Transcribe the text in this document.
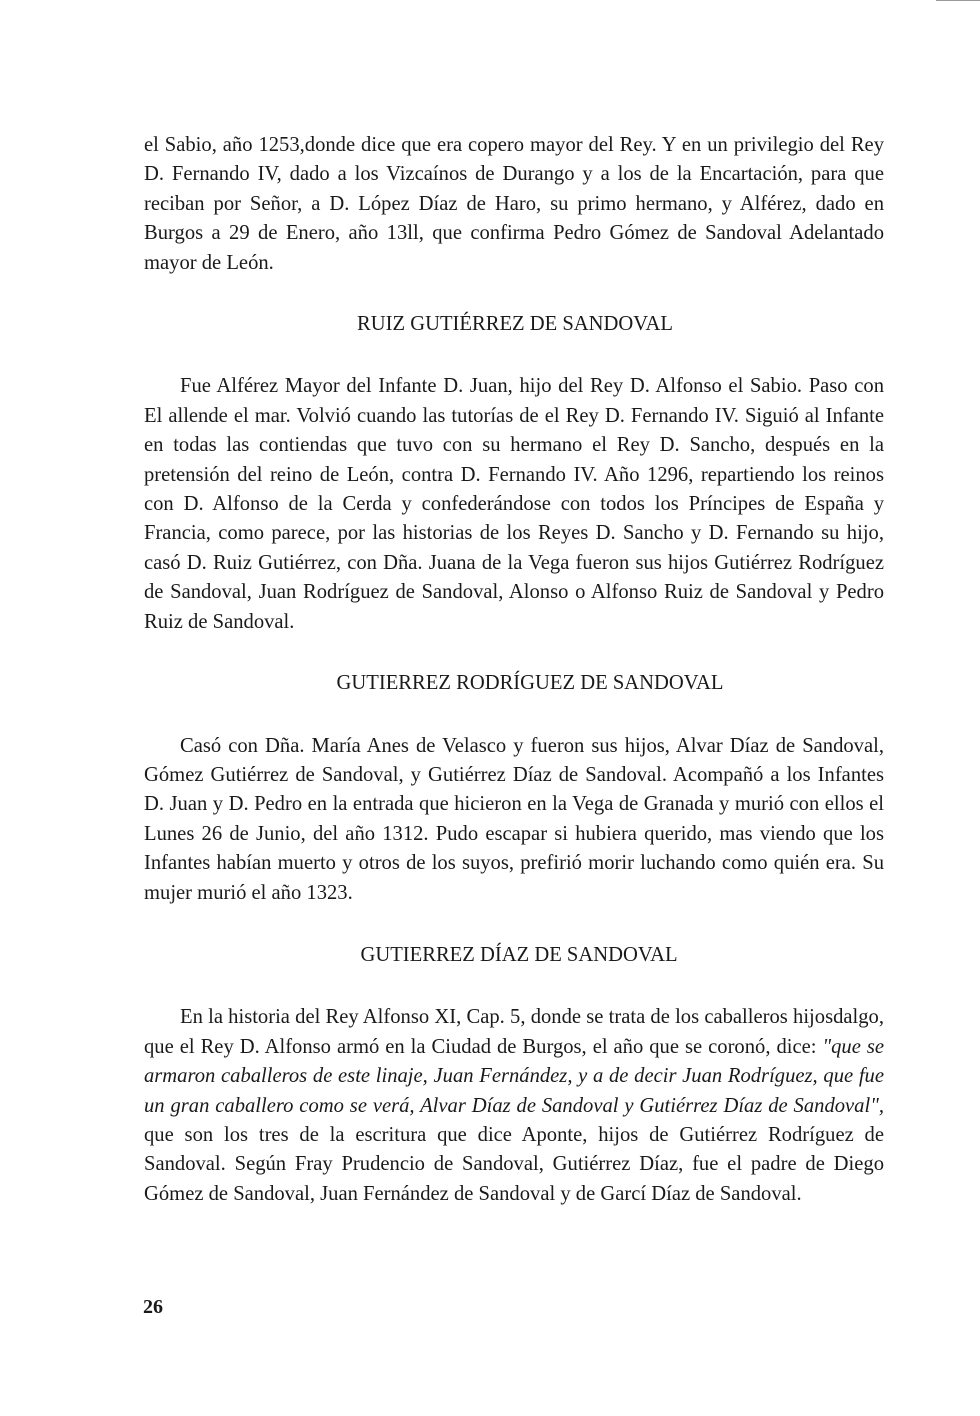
el Sabio, año 1253,donde dice que era copero mayor del Rey. Y en un privilegio del Rey D. Fernando IV, dado a los Vizcaínos de Durango y a los de la Encartación, para que reciban por Señor, a D. López Díaz de Haro, su primo hermano, y Alférez, dado en Burgos a 29 de Enero, año 13ll, que confirma Pedro Gómez de Sandoval Adelantado mayor de León.

RUIZ GUTIÉRREZ DE SANDOVAL

Fue Alférez Mayor del Infante D. Juan, hijo del Rey D. Alfonso el Sabio. Paso con El allende el mar. Volvió cuando las tutorías de el Rey D. Fernando IV. Siguió al Infante en todas las contiendas que tuvo con su hermano el Rey D. Sancho, después en la pretensión del reino de León, contra D. Fernando IV. Año 1296, repartiendo los reinos con D. Alfonso de la Cerda y confederándose con todos los Príncipes de España y Francia, como parece, por las historias de los Reyes D. Sancho y D. Fernando su hijo, casó D. Ruiz Gutiérrez, con Dña. Juana de la Vega fueron sus hijos Gutiérrez Rodríguez de Sandoval, Juan Rodríguez de Sandoval, Alonso o Alfonso Ruiz de Sandoval y Pedro Ruiz de Sandoval.

GUTIERREZ RODRÍGUEZ DE SANDOVAL

Casó con Dña. María Anes de Velasco y fueron sus hijos, Alvar Díaz de Sandoval, Gómez Gutiérrez de Sandoval, y Gutiérrez Díaz de Sandoval. Acompañó a los Infantes D. Juan y D. Pedro en la entrada que hicieron en la Vega de Granada y murió con ellos el Lunes 26 de Junio, del año 1312. Pudo escapar si hubiera querido, mas viendo que los Infantes habían muerto y otros de los suyos, prefirió morir luchando como quién era. Su mujer murió el año 1323.

GUTIERREZ DÍAZ DE SANDOVAL

En la historia del Rey Alfonso XI, Cap. 5, donde se trata de los caballeros hijosdalgo, que el Rey D. Alfonso armó en la Ciudad de Burgos, el año que se coronó, dice: "que se armaron caballeros de este linaje, Juan Fernández, y a de decir Juan Rodríguez, que fue un gran caballero como se verá, Alvar Díaz de Sandoval y Gutiérrez Díaz de Sandoval", que son los tres de la escritura que dice Aponte, hijos de Gutiérrez Rodríguez de Sandoval. Según Fray Prudencio de Sandoval, Gutiérrez Díaz, fue el padre de Diego Gómez de Sandoval, Juan Fernández de Sandoval y de Garcí Díaz de Sandoval.

26
